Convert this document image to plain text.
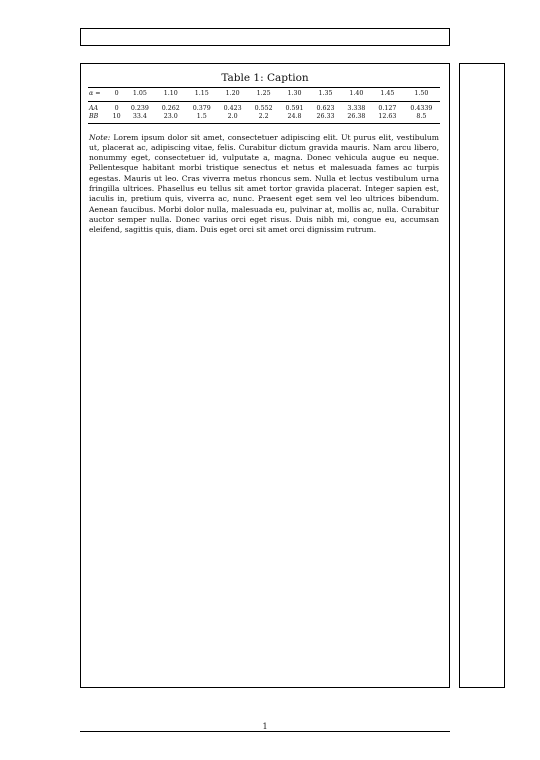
Table 1: Caption
α =	0	1.05	1.10	1.15	1.20	1.25	1.30	1.35	1.40	1.45	1.50
AA	0	0.239	0.262	0.379	0.423	0.552	0.591	0.623	3.338	0.127	0.4339
BB	10	33.4	23.0	1.5	2.0	2.2	24.8	26.33	26.38	12.63	8.5

Note: Lorem ipsum dolor sit amet, consectetuer adipiscing elit. Ut purus elit, vestibulum ut, placerat ac, adipiscing vitae, felis. Curabitur dictum gravida mauris. Nam arcu libero, nonummy eget, consectetuer id, vulputate a, magna. Donec vehicula augue eu neque. Pellentesque habitant morbi tristique senectus et netus et malesuada fames ac turpis egestas. Mauris ut leo. Cras viverra metus rhoncus sem. Nulla et lectus vestibulum urna fringilla ultrices. Phasellus eu tellus sit amet tortor gravida placerat. Integer sapien est, iaculis in, pretium quis, viverra ac, nunc. Praesent eget sem vel leo ultrices bibendum. Aenean faucibus. Morbi dolor nulla, malesuada eu, pulvinar at, mollis ac, nulla. Curabitur auctor semper nulla. Donec varius orci eget risus. Duis nibh mi, congue eu, accumsan eleifend, sagittis quis, diam. Duis eget orci sit amet orci dignissim rutrum.

1
